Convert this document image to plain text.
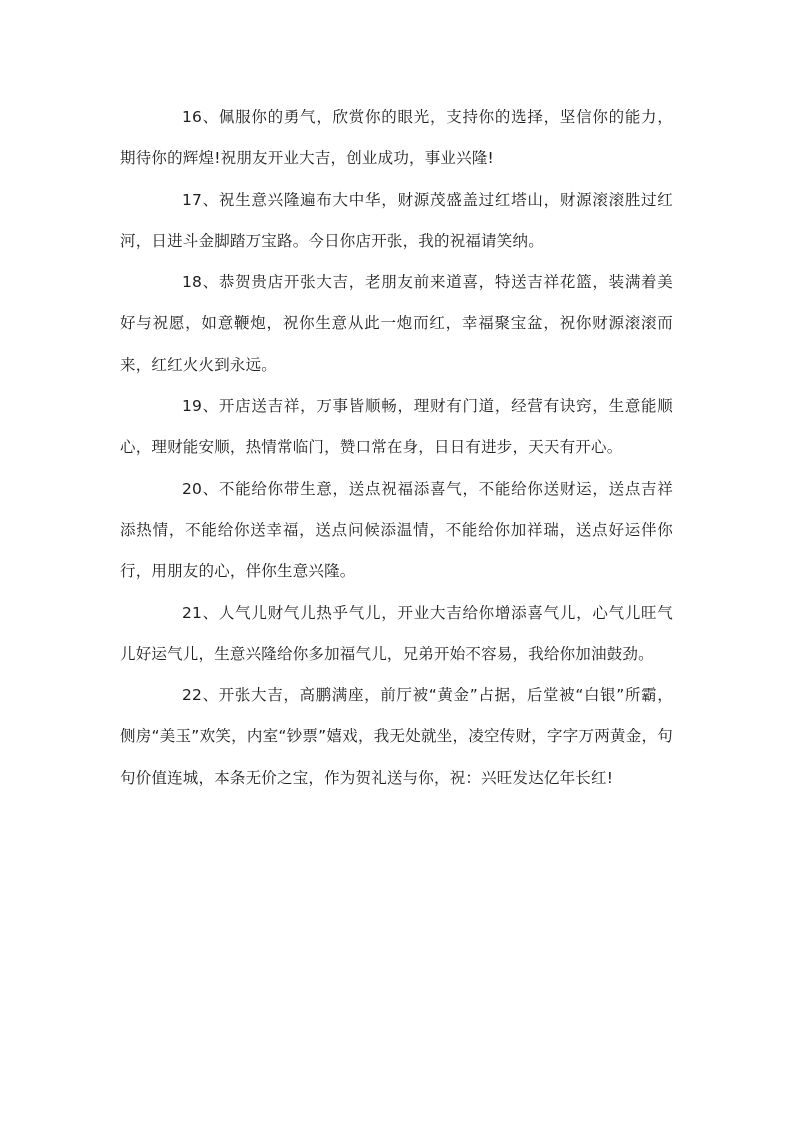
16、佩服你的勇气，欣赏你的眼光，支持你的选择，坚信你的能力，期待你的辉煌!祝朋友开业大吉，创业成功，事业兴隆!

17、祝生意兴隆遍布大中华，财源茂盛盖过红塔山，财源滚滚胜过红河，日进斗金脚踏万宝路。今日你店开张，我的祝福请笑纳。

18、恭贺贵店开张大吉，老朋友前来道喜，特送吉祥花篮，装满着美好与祝愿，如意鞭炮，祝你生意从此一炮而红，幸福聚宝盆，祝你财源滚滚而来，红红火火到永远。

19、开店送吉祥，万事皆顺畅，理财有门道，经营有诀窍，生意能顺心，理财能安顺，热情常临门，赞口常在身，日日有进步，天天有开心。

20、不能给你带生意，送点祝福添喜气，不能给你送财运，送点吉祥添热情，不能给你送幸福，送点问候添温情，不能给你加祥瑞，送点好运伴你行，用朋友的心，伴你生意兴隆。

21、人气儿财气儿热乎气儿，开业大吉给你增添喜气儿，心气儿旺气儿好运气儿，生意兴隆给你多加福气儿，兄弟开始不容易，我给你加油鼓劲。

22、开张大吉，高鹏满座，前厅被“黄金”占据，后堂被“白银”所霸，侧房“美玉”欢笑，内室“钞票”嬉戏，我无处就坐，凌空传财，字字万两黄金，句句价值连城，本条无价之宝，作为贺礼送与你，祝：兴旺发达亿年长红!
